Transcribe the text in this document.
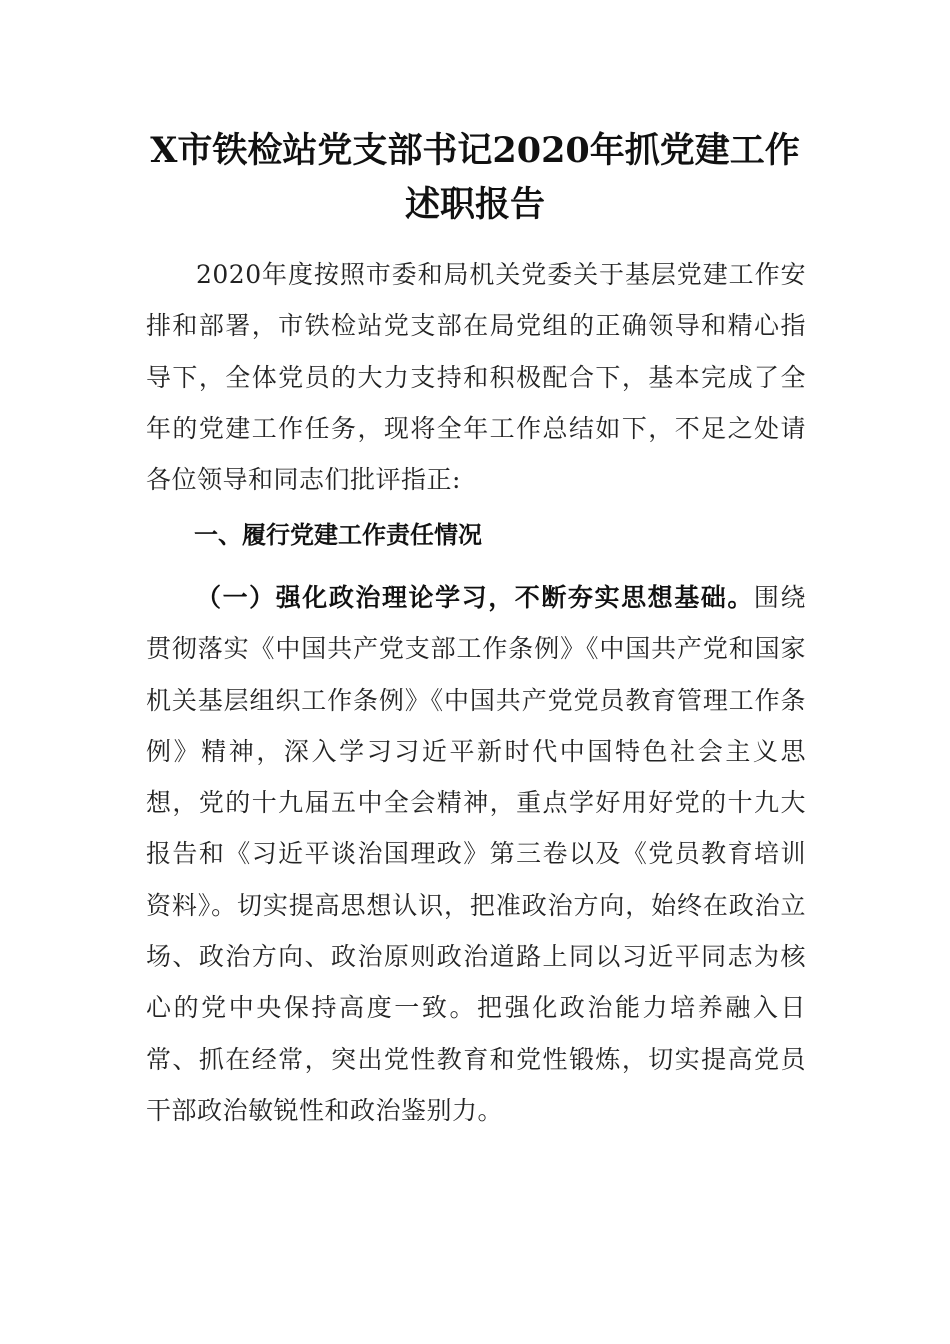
X市铁检站党支部书记2020年抓党建工作
述职报告

2020年度按照市委和局机关党委关于基层党建工作安排和部署，市铁检站党支部在局党组的正确领导和精心指导下，全体党员的大力支持和积极配合下，基本完成了全年的党建工作任务，现将全年工作总结如下，不足之处请各位领导和同志们批评指正:

一、履行党建工作责任情况

（一）强化政治理论学习，不断夯实思想基础。围绕贯彻落实《中国共产党支部工作条例》《中国共产党和国家机关基层组织工作条例》《中国共产党党员教育管理工作条例》精神，深入学习习近平新时代中国特色社会主义思想，党的十九届五中全会精神，重点学好用好党的十九大报告和《习近平谈治国理政》第三卷以及《党员教育培训资料》。切实提高思想认识，把准政治方向，始终在政治立场、政治方向、政治原则政治道路上同以习近平同志为核心的党中央保持高度一致。把强化政治能力培养融入日常、抓在经常，突出党性教育和党性锻炼，切实提高党员干部政治敏锐性和政治鉴别力。
